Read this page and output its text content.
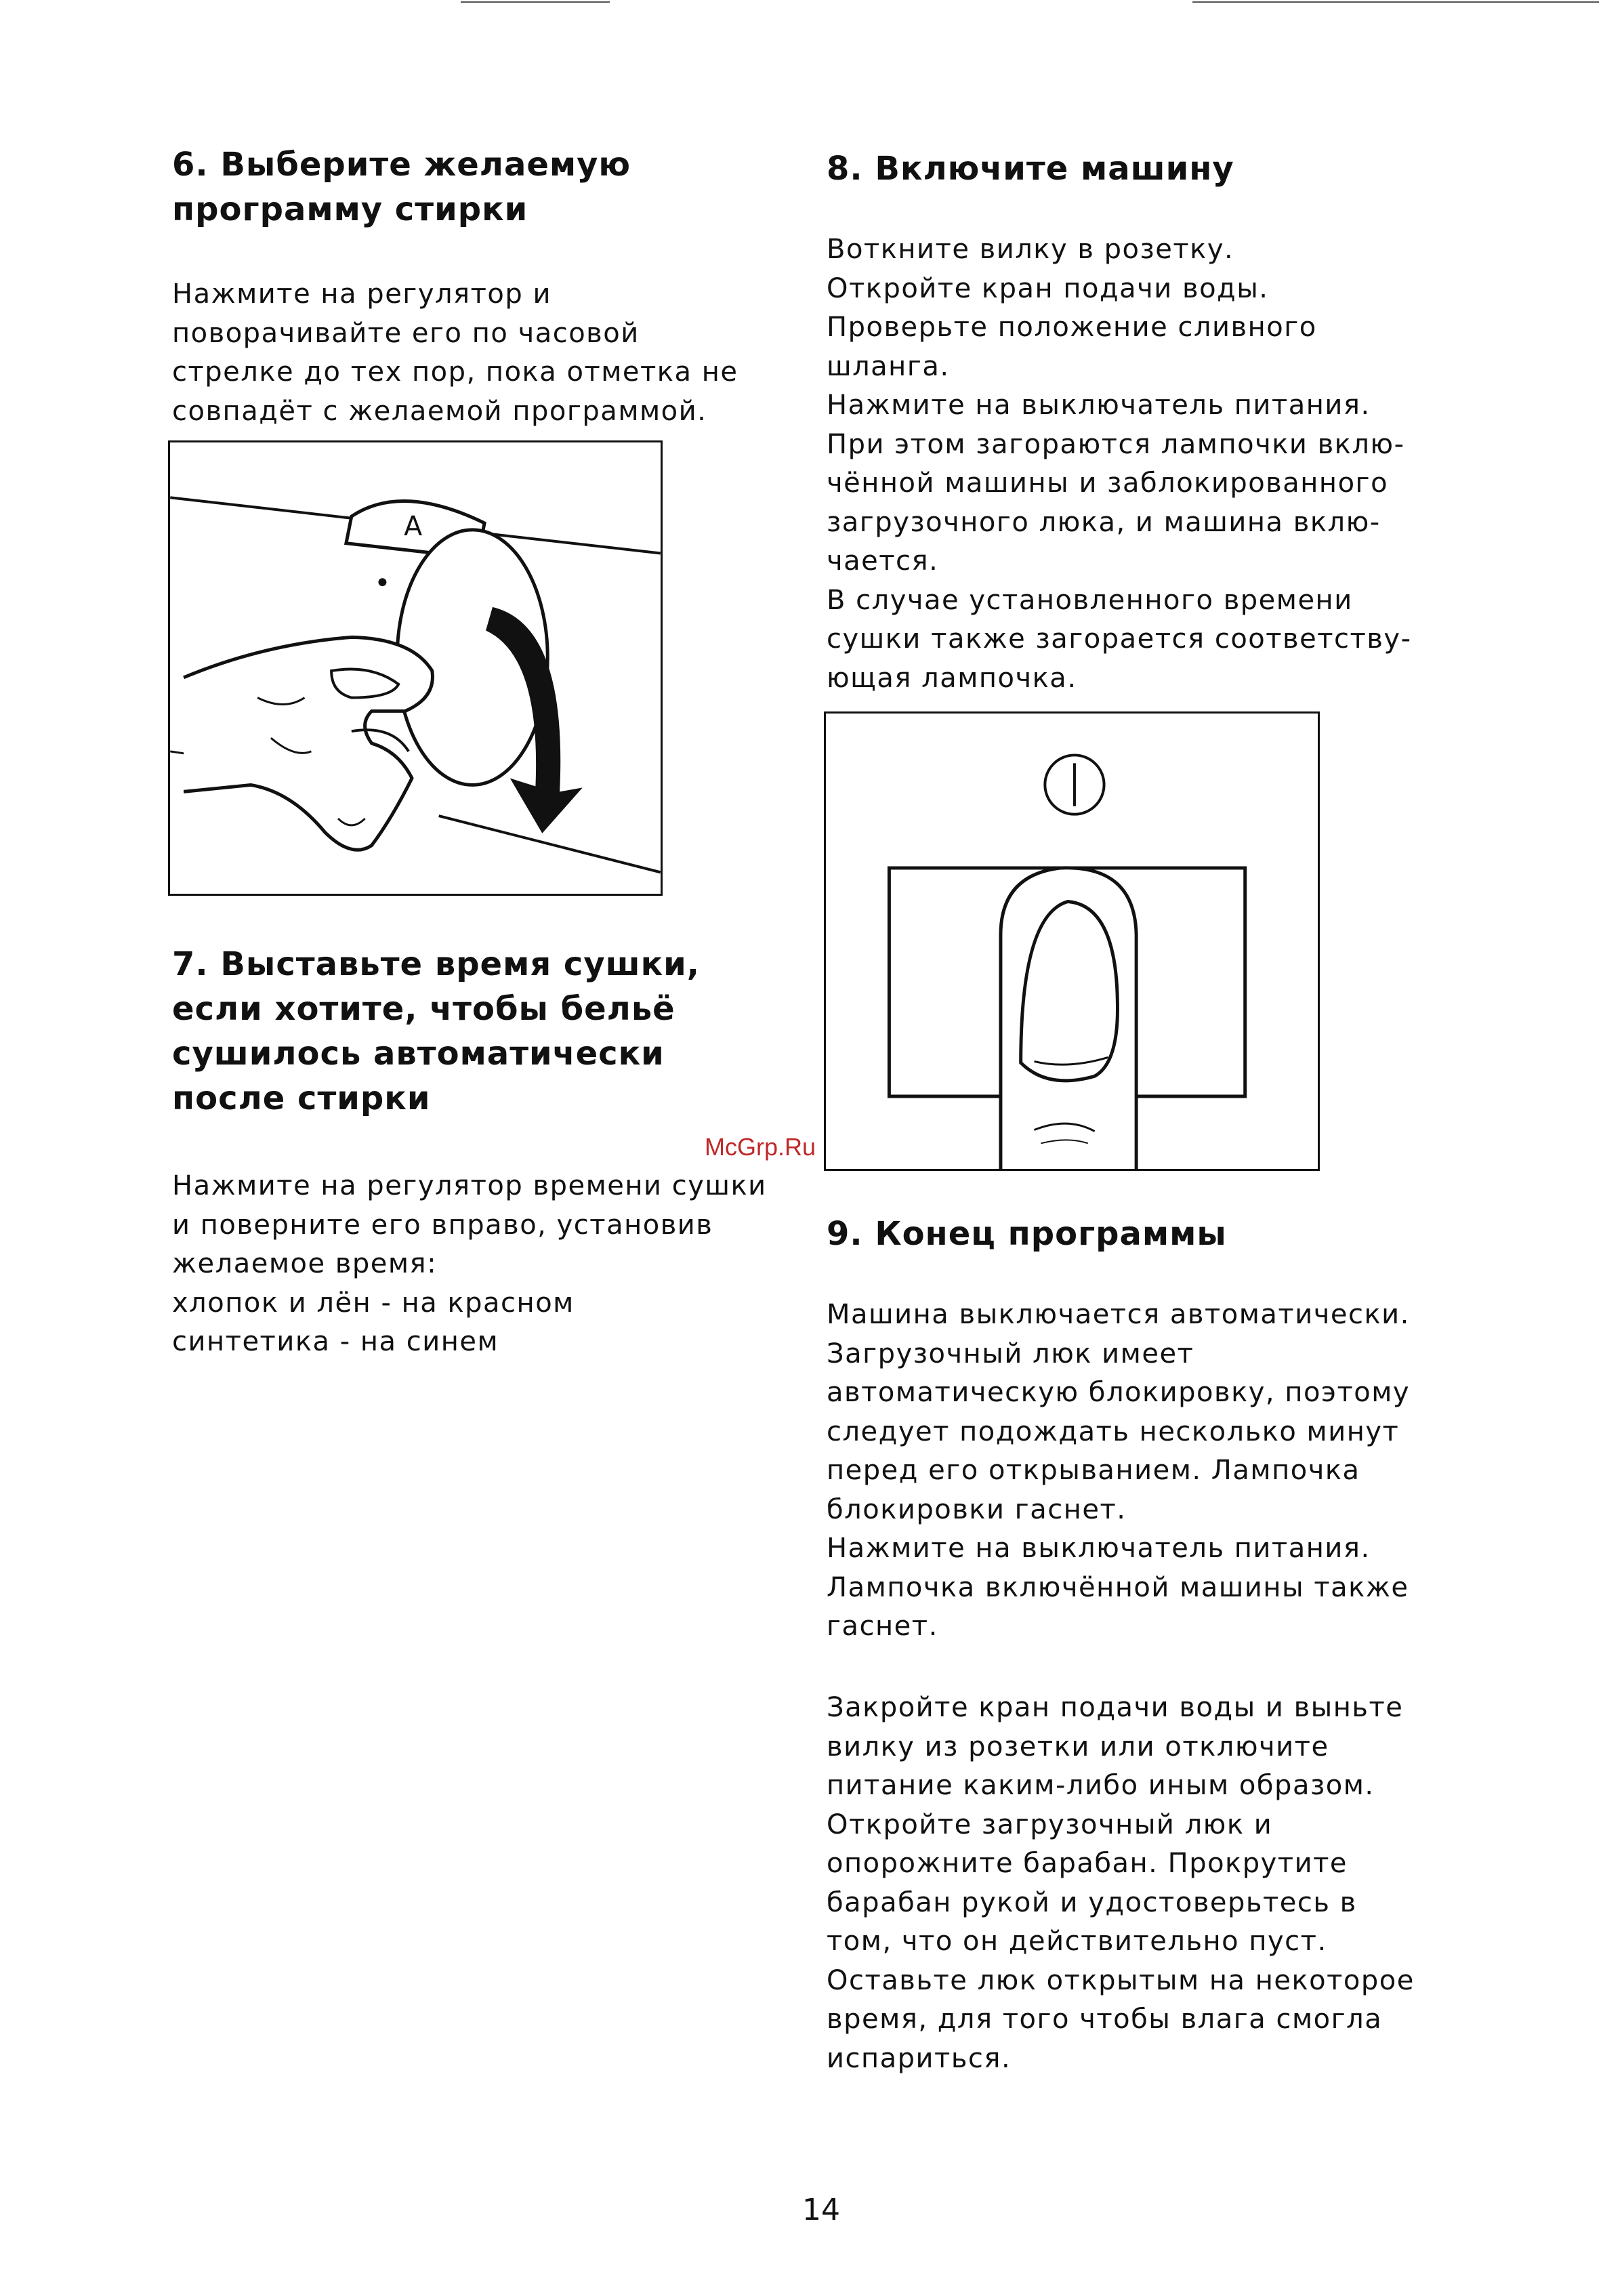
6. Выберите желаемую
программу стирки
Нажмите на регулятор и
поворачивайте его по часовой
стрелке до тех пор, пока отметка не
совпадёт с желаемой программой.
A
7. Выставьте время сушки,
если хотите, чтобы бельё
сушилось автоматически
после стирки
Нажмите на регулятор времени сушки
и поверните его вправо, установив
желаемое время:
хлопок и лён - на красном
синтетика - на синем
8. Включите машину
Воткните вилку в розетку.
Откройте кран подачи воды.
Проверьте положение сливного
шланга.
Нажмите на выключатель питания.
При этом загораются лампочки вклю-
чённой машины и заблокированного
загрузочного люка, и машина вклю-
чается.
В случае установленного времени
сушки также загорается соответству-
ющая лампочка.
McGrp.Ru
9. Конец программы
Машина выключается автоматически.
Загрузочный люк имеет
автоматическую блокировку, поэтому
следует подождать несколько минут
перед его открыванием. Лампочка
блокировки гаснет.
Нажмите на выключатель питания.
Лампочка включённой машины также
гаснет.
Закройте кран подачи воды и выньте
вилку из розетки или отключите
питание каким-либо иным образом.
Откройте загрузочный люк и
опорожните барабан. Прокрутите
барабан рукой и удостоверьтесь в
том, что он действительно пуст.
Оставьте люк открытым на некоторое
время, для того чтобы влага смогла
испариться.
14
